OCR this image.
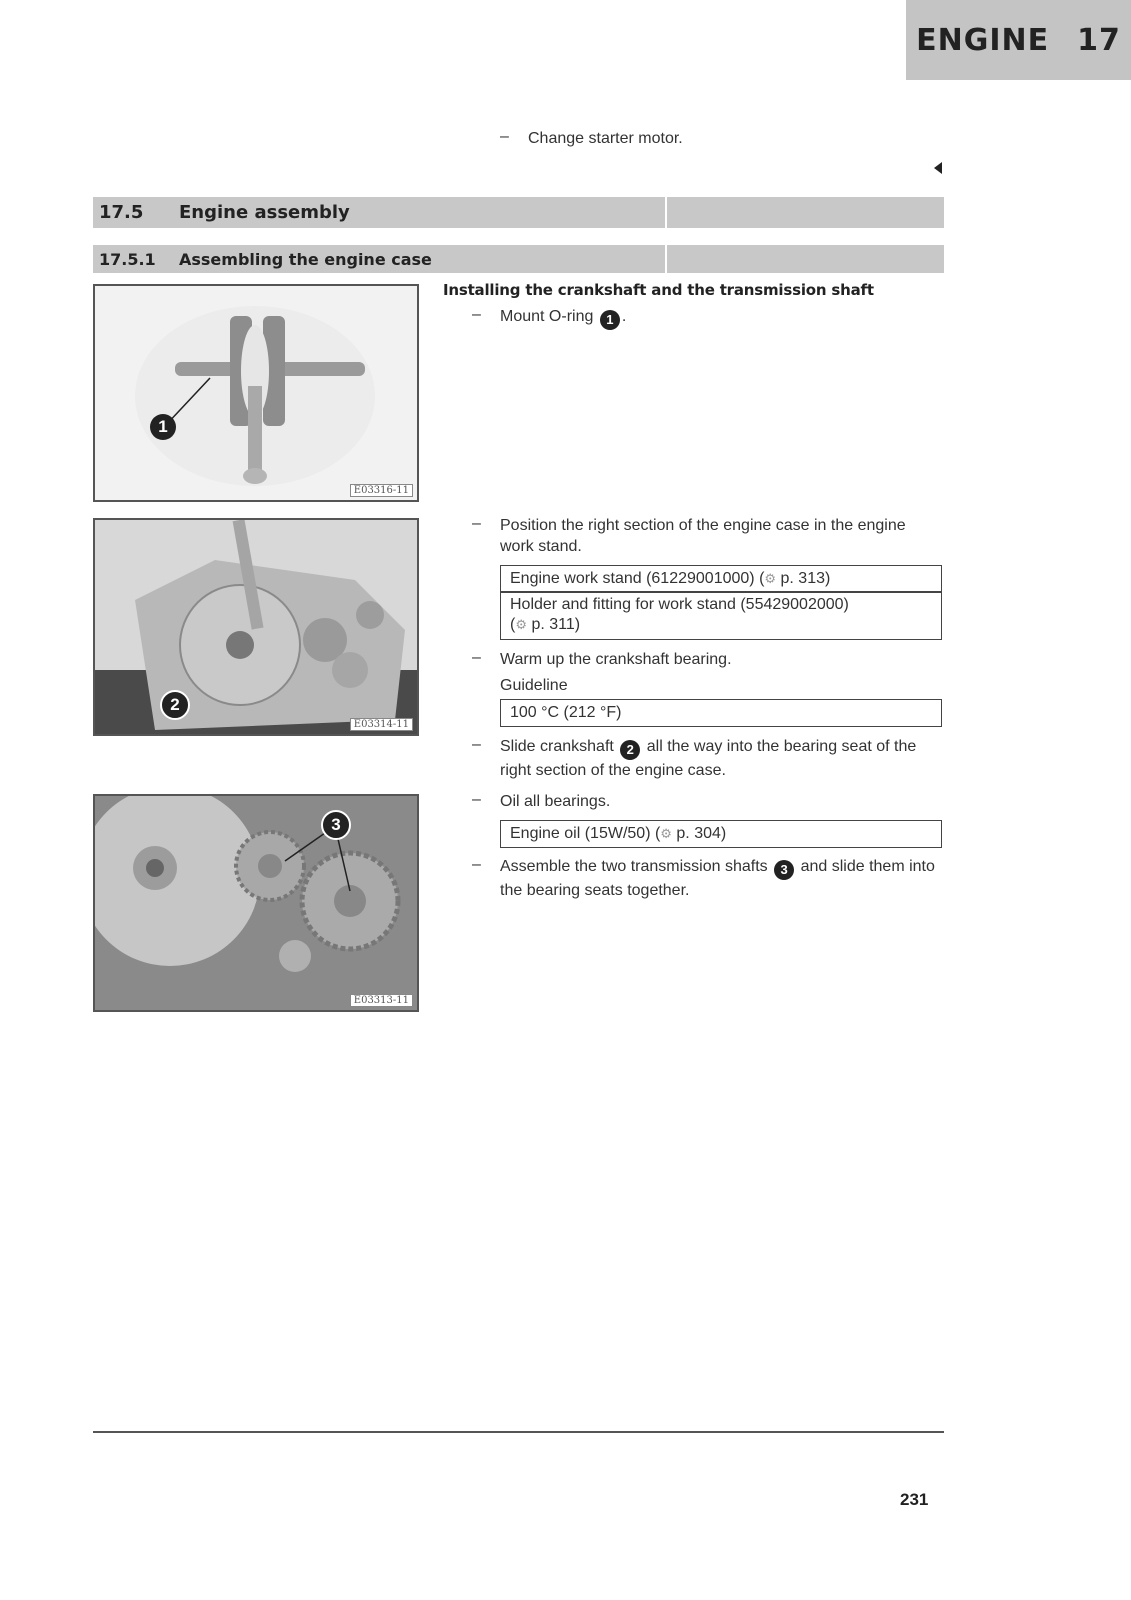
ENGINE 17
– Change starter motor.
17.5	Engine assembly
17.5.1	Assembling the engine case
Installing the crankshaft and the transmission shaft
– Mount O-ring 1 .
– Position the right section of the engine case in the engine work stand.
Engine work stand (61229001000) (⚙ p. 313)
Holder and fitting for work stand (55429002000)
(⚙ p. 311)
– Warm up the crankshaft bearing.
Guideline
100 °C (212 °F)
– Slide crankshaft 2 all the way into the bearing seat of the right section of the engine case.
– Oil all bearings.
Engine oil (15W/50) (⚙ p. 304)
– Assemble the two transmission shafts 3 and slide them into the bearing seats together.
1
E03316-11
2
E03314-11
3
E03313-11
231
